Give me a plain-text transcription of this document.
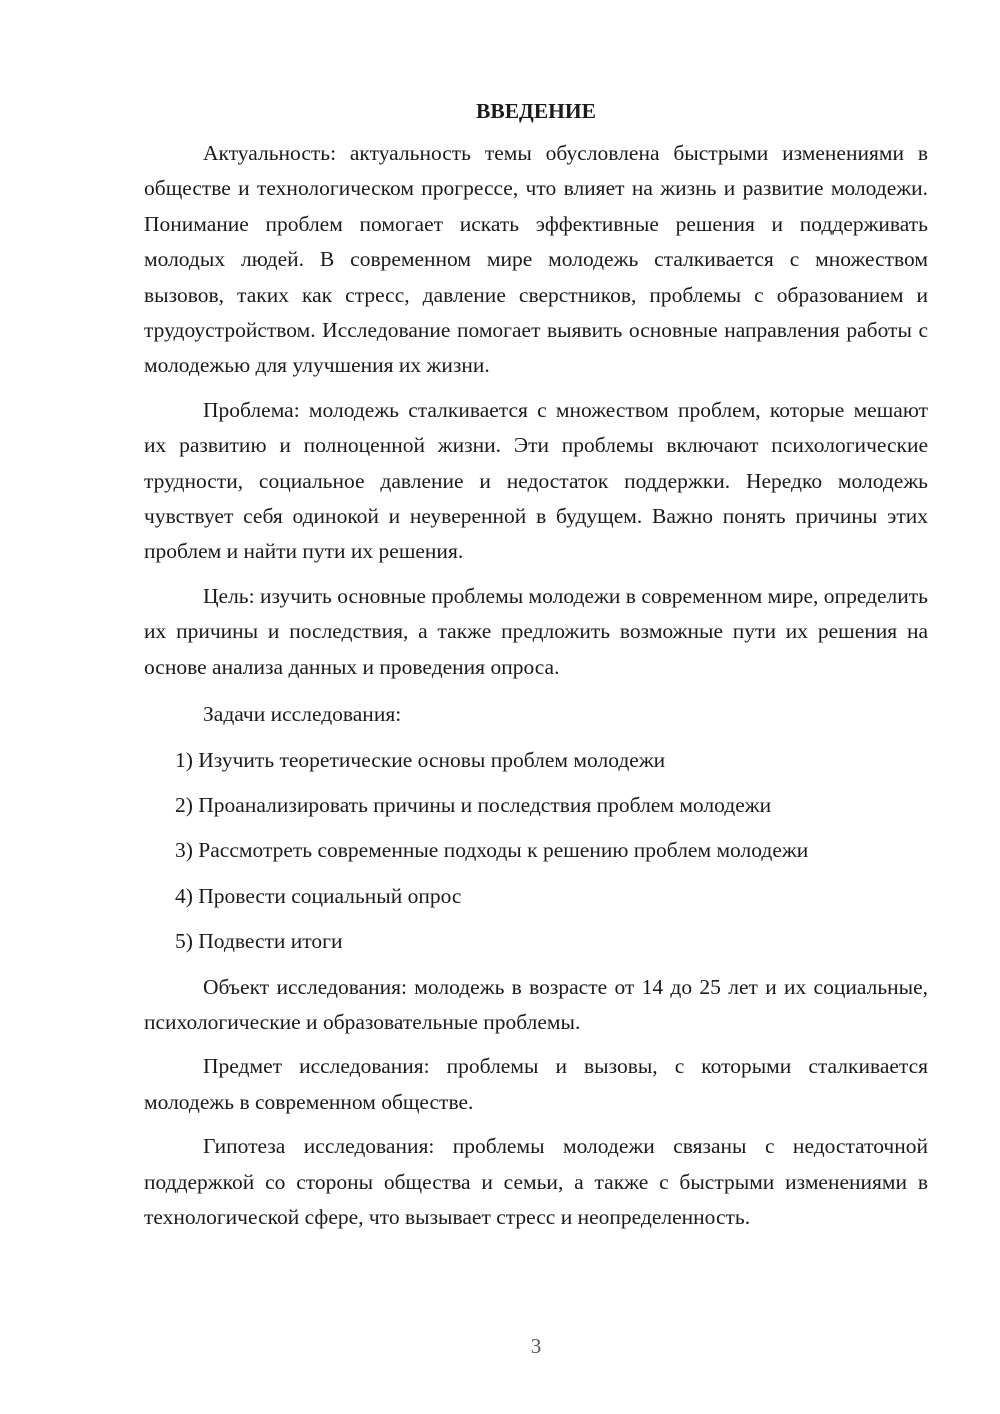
ВВЕДЕНИЕ

Актуальность: актуальность темы обусловлена быстрыми изменениями в обществе и технологическом прогрессе, что влияет на жизнь и развитие молодежи. Понимание проблем помогает искать эффективные решения и поддерживать молодых людей. В современном мире молодежь сталкивается с множеством вызовов, таких как стресс, давление сверстников, проблемы с образованием и трудоустройством. Исследование помогает выявить основные направления работы с молодежью для улучшения их жизни.

Проблема: молодежь сталкивается с множеством проблем, которые мешают их развитию и полноценной жизни. Эти проблемы включают психологические трудности, социальное давление и недостаток поддержки. Нередко молодежь чувствует себя одинокой и неуверенной в будущем. Важно понять причины этих проблем и найти пути их решения.

Цель: изучить основные проблемы молодежи в современном мире, определить их причины и последствия, а также предложить возможные пути их решения на основе анализа данных и проведения опроса.

Задачи исследования:
1) Изучить теоретические основы проблем молодежи
2) Проанализировать причины и последствия проблем молодежи
3) Рассмотреть современные подходы к решению проблем молодежи
4) Провести социальный опрос
5) Подвести итоги

Объект исследования: молодежь в возрасте от 14 до 25 лет и их социальные, психологические и образовательные проблемы.

Предмет исследования: проблемы и вызовы, с которыми сталкивается молодежь в современном обществе.

Гипотеза исследования: проблемы молодежи связаны с недостаточной поддержкой со стороны общества и семьи, а также с быстрыми изменениями в технологической сфере, что вызывает стресс и неопределенность.

3
